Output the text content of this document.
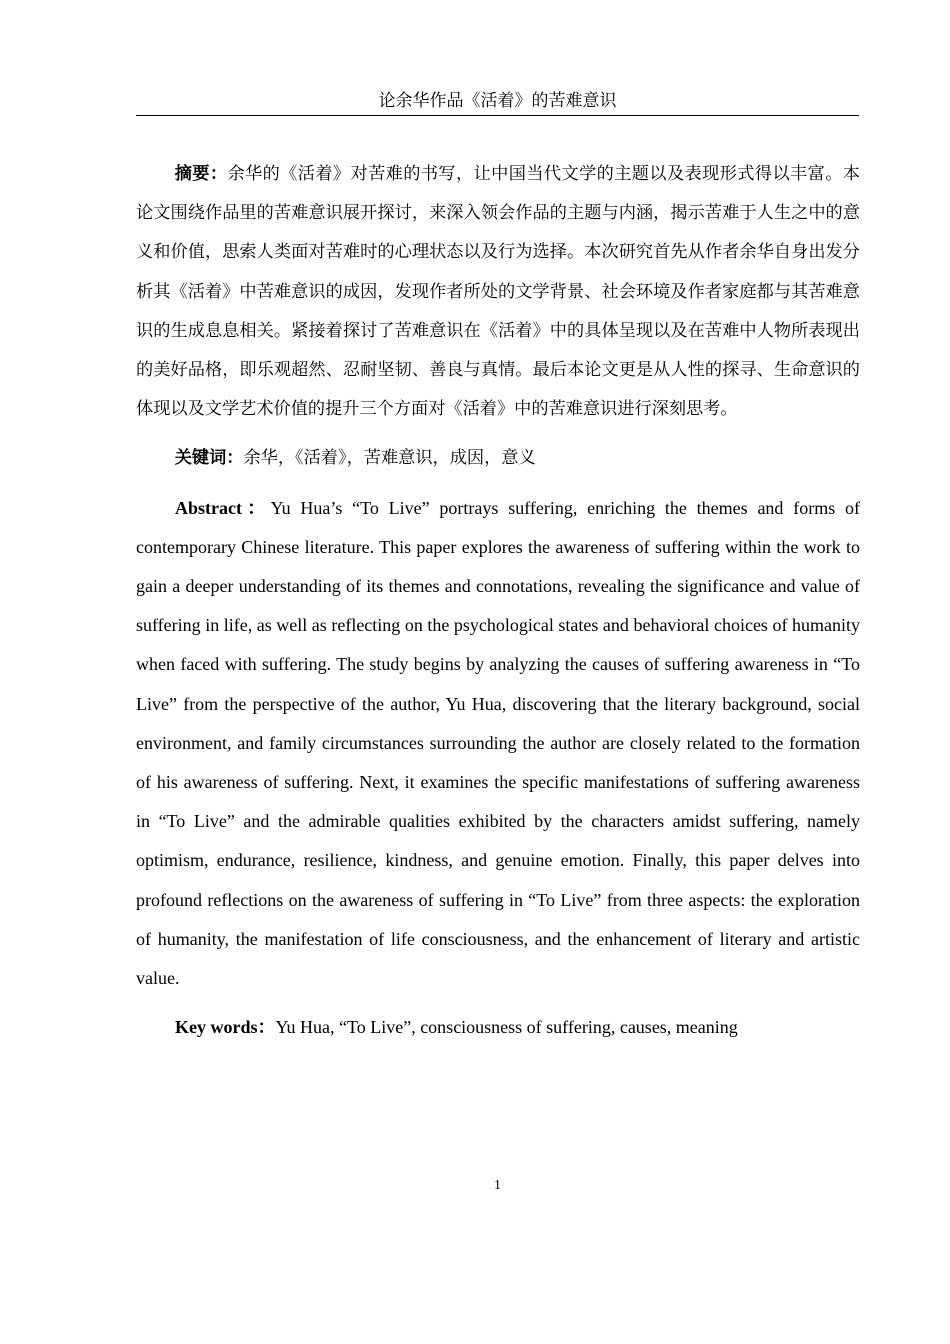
论余华作品《活着》的苦难意识

摘要：余华的《活着》对苦难的书写，让中国当代文学的主题以及表现形式得以丰富。本论文围绕作品里的苦难意识展开探讨，来深入领会作品的主题与内涵，揭示苦难于人生之中的意义和价值，思索人类面对苦难时的心理状态以及行为选择。本次研究首先从作者余华自身出发分析其《活着》中苦难意识的成因，发现作者所处的文学背景、社会环境及作者家庭都与其苦难意识的生成息息相关。紧接着探讨了苦难意识在《活着》中的具体呈现以及在苦难中人物所表现出的美好品格，即乐观超然、忍耐坚韧、善良与真情。最后本论文更是从人性的探寻、生命意识的体现以及文学艺术价值的提升三个方面对《活着》中的苦难意识进行深刻思考。

关键词：余华，《活着》，苦难意识，成因，意义

Abstract：Yu Hua’s “To Live” portrays suffering, enriching the themes and forms of contemporary Chinese literature. This paper explores the awareness of suffering within the work to gain a deeper understanding of its themes and connotations, revealing the significance and value of suffering in life, as well as reflecting on the psychological states and behavioral choices of humanity when faced with suffering. The study begins by analyzing the causes of suffering awareness in “To Live” from the perspective of the author, Yu Hua, discovering that the literary background, social environment, and family circumstances surrounding the author are closely related to the formation of his awareness of suffering. Next, it examines the specific manifestations of suffering awareness in “To Live” and the admirable qualities exhibited by the characters amidst suffering, namely optimism, endurance, resilience, kindness, and genuine emotion. Finally, this paper delves into profound reflections on the awareness of suffering in “To Live” from three aspects: the exploration of humanity, the manifestation of life consciousness, and the enhancement of literary and artistic value.

Key words：Yu Hua, “To Live”, consciousness of suffering, causes, meaning

1
